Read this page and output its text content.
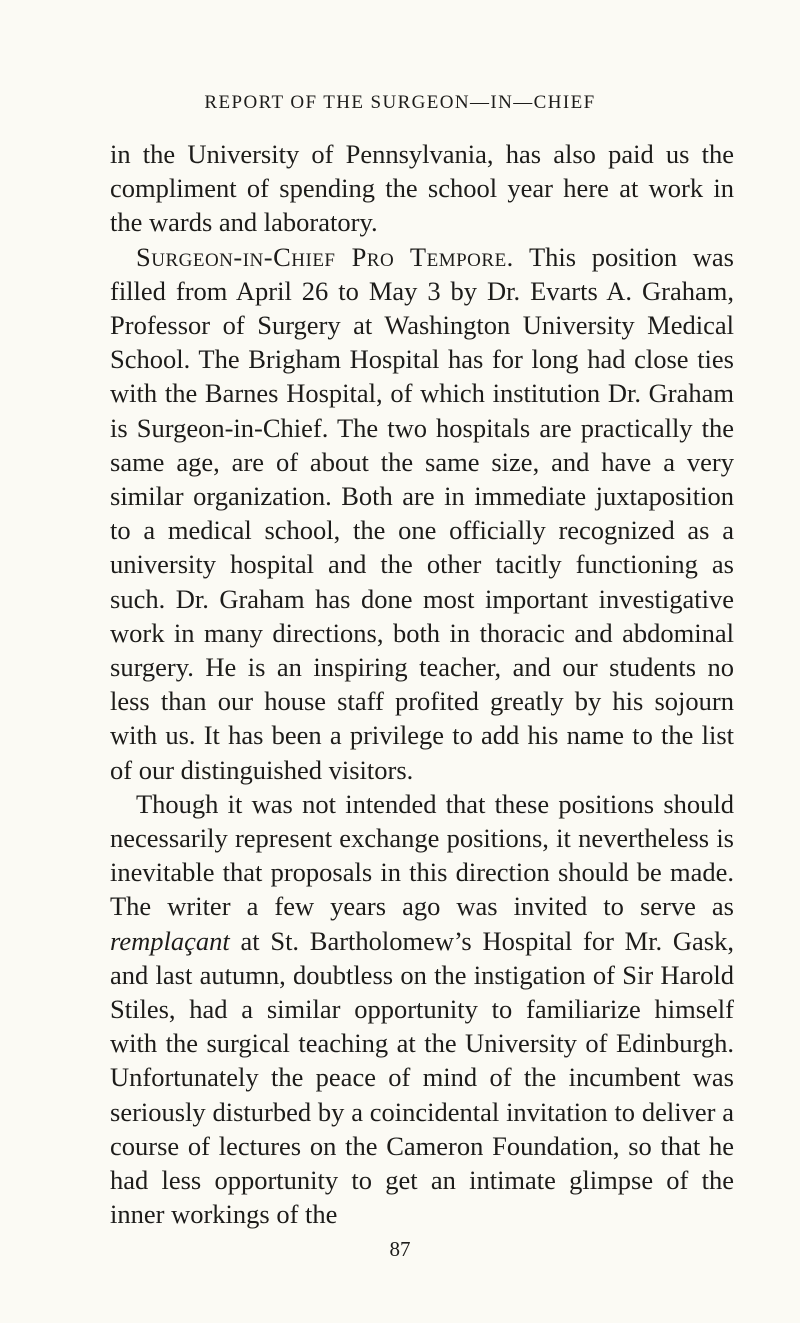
REPORT OF THE SURGEON—IN—CHIEF

in the University of Pennsylvania, has also paid us the compliment of spending the school year here at work in the wards and laboratory.

Surgeon-in-Chief Pro Tempore. This position was filled from April 26 to May 3 by Dr. Evarts A. Graham, Professor of Surgery at Washington University Medical School. The Brigham Hospital has for long had close ties with the Barnes Hospital, of which institution Dr. Graham is Surgeon-in-Chief. The two hospitals are practically the same age, are of about the same size, and have a very similar organization. Both are in immediate juxtaposition to a medical school, the one officially recognized as a university hospital and the other tacitly functioning as such. Dr. Graham has done most important investigative work in many directions, both in thoracic and abdominal surgery. He is an inspiring teacher, and our students no less than our house staff profited greatly by his sojourn with us. It has been a privilege to add his name to the list of our distinguished visitors.

Though it was not intended that these positions should necessarily represent exchange positions, it nevertheless is inevitable that proposals in this direction should be made. The writer a few years ago was invited to serve as remplaçant at St. Bartholomew’s Hospital for Mr. Gask, and last autumn, doubtless on the instigation of Sir Harold Stiles, had a similar opportunity to familiarize himself with the surgical teaching at the University of Edinburgh. Unfortunately the peace of mind of the incumbent was seriously disturbed by a coincidental invitation to deliver a course of lectures on the Cameron Foundation, so that he had less opportunity to get an intimate glimpse of the inner workings of the

87
